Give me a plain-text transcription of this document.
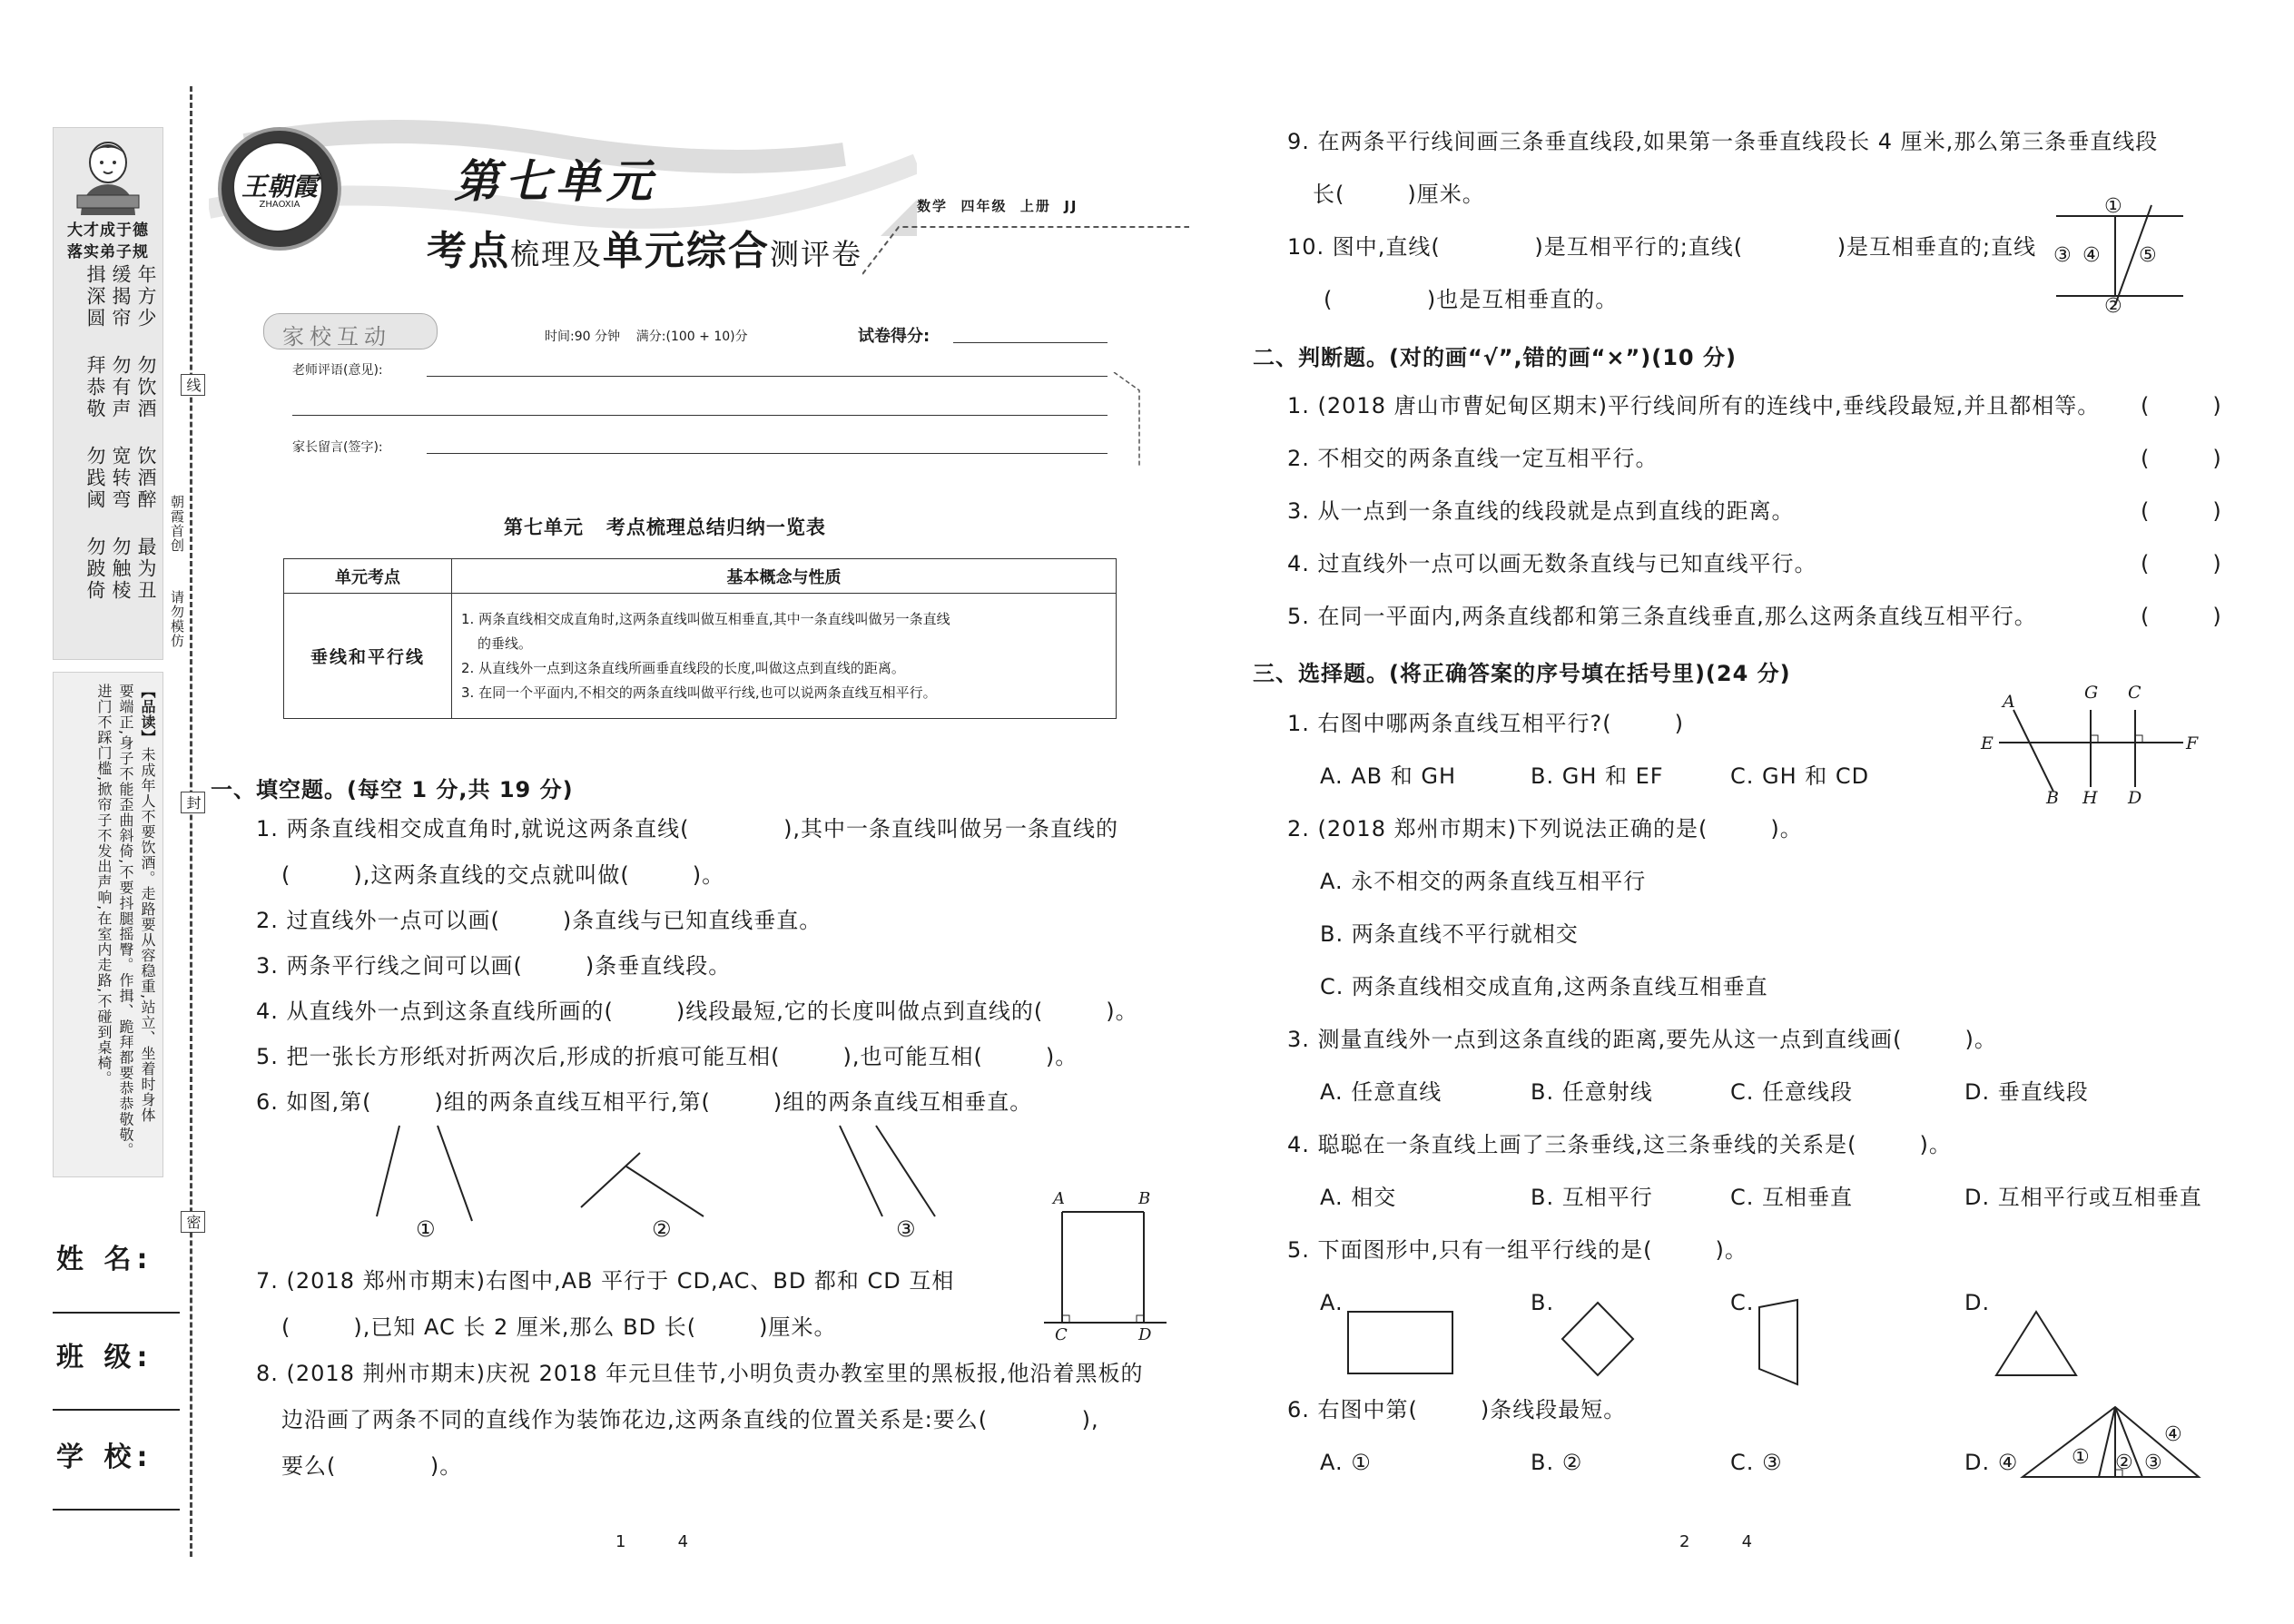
大才成于德
落实弟子规
年方少
缓揭帘
揖深圆
勿饮酒
勿有声
拜恭敬
饮酒醉
宽转弯
勿践阈
最为丑
勿触棱
勿跛倚
【品读】
未成年人不要饮酒。走路要从容稳重,站立、坐着时身体
要端正,身子不能歪曲斜倚,不要抖腿摇臀。作揖、跪拜都要恭恭敬敬。
进门不踩门槛,掀帘子不发出声响,在室内走路,不碰到桌椅。
朝霞首创
请勿模仿
线
封
密
姓 名:
班 级:
学 校:
王朝霞
ZHAOXIA	第七单元
考点梳理及单元综合测评卷
数学  四年级  上册  JJ
家校互动	时间:90 分钟    满分:(100 + 10)分	试卷得分:
老师评语(意见):
家长留言(签字):
第七单元   考点梳理总结归纳一览表
单元考点	基本概念与性质
垂线和平行线	1. 两条直线相交成直角时,这两条直线叫做互相垂直,其中一条直线叫做另一条直线
的垂线。
2. 从直线外一点到这条直线所画垂直线段的长度,叫做这点到直线的距离。
3. 在同一个平面内,不相交的两条直线叫做平行线,也可以说两条直线互相平行。
一、填空题。(每空 1 分,共 19 分)
1. 两条直线相交成直角时,就说这两条直线(            ),其中一条直线叫做另一条直线的
(        ),这两条直线的交点就叫做(        )。
2. 过直线外一点可以画(        )条直线与已知直线垂直。
3. 两条平行线之间可以画(        )条垂直线段。
4. 从直线外一点到这条直线所画的(        )线段最短,它的长度叫做点到直线的(        )。
5. 把一张长方形纸对折两次后,形成的折痕可能互相(        ),也可能互相(        )。
6. 如图,第(        )组的两条直线互相平行,第(        )组的两条直线互相垂直。
①	②	③
7. (2018 郑州市期末)右图中,AB 平行于 CD,AC、BD 都和 CD 互相
(        ),已知 AC 长 2 厘米,那么 BD 长(        )厘米。
A	B
C	D
8. (2018 荆州市期末)庆祝 2018 年元旦佳节,小明负责办教室里的黑板报,他沿着黑板的
边沿画了两条不同的直线作为装饰花边,这两条直线的位置关系是:要么(            ),
要么(            )。
1          4
9. 在两条平行线间画三条垂直线段,如果第一条垂直线段长 4 厘米,那么第三条垂直线段
长(        )厘米。
10. 图中,直线(            )是互相平行的;直线(            )是互相垂直的;直线
(            )也是互相垂直的。
①
②
③ ④ ⑤
二、判断题。(对的画“√”,错的画“×”)(10 分)
1. (2018 唐山市曹妃甸区期末)平行线间所有的连线中,垂线段最短,并且都相等。 (        )
2. 不相交的两条直线一定互相平行。	(        )
3. 从一点到一条直线的线段就是点到直线的距离。	(        )
4. 过直线外一点可以画无数条直线与已知直线平行。	(        )
5. 在同一平面内,两条直线都和第三条直线垂直,那么这两条直线互相平行。	(        )
三、选择题。(将正确答案的序号填在括号里)(24 分)
1. 右图中哪两条直线互相平行?(        )
A. AB 和 GH	B. GH 和 EF	C. GH 和 CD
A	G C
E	F
B H D
2. (2018 郑州市期末)下列说法正确的是(        )。
A. 永不相交的两条直线互相平行
B. 两条直线不平行就相交
C. 两条直线相交成直角,这两条直线互相垂直
3. 测量直线外一点到这条直线的距离,要先从这一点到直线画(        )。
A. 任意直线	B. 任意射线	C. 任意线段	D. 垂直线段
4. 聪聪在一条直线上画了三条垂线,这三条垂线的关系是(        )。
A. 相交	B. 互相平行	C. 互相垂直	D. 互相平行或互相垂直
5. 下面图形中,只有一组平行线的是(        )。
A.	B.	C.	D.
6. 右图中第(        )条线段最短。
A. ①	B. ②	C. ③	D. ④	① ② ③
④
2          4
